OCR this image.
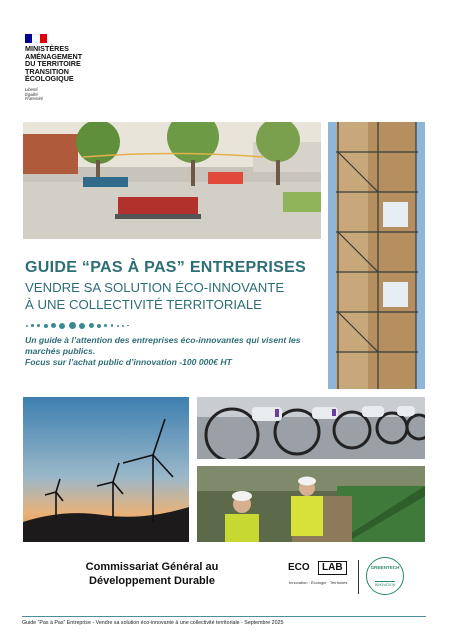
MINISTÈRES
AMÉNAGEMENT
DU TERRITOIRE
TRANSITION
ÉCOLOGIQUE
Liberté
Égalité
Fraternité
GUIDE “PAS À PAS” ENTREPRISES
VENDRE SA SOLUTION ÉCO-INNOVANTE
À UNE COLLECTIVITÉ TERRITORIALE
Un guide à l’attention des entreprises éco-innovantes qui visent les marchés publics.
Focus sur l’achat public d’innovation -100 000€ HT
Commissariat Général au
Développement Durable
ECO	LAB
Innovation · Écologie · Territoires
GREENTECH
INNOVATION
Guide “Pas à Pas” Entreprise - Vendre sa solution éco-innovante à une collectivité territoriale - Septembre 2025
